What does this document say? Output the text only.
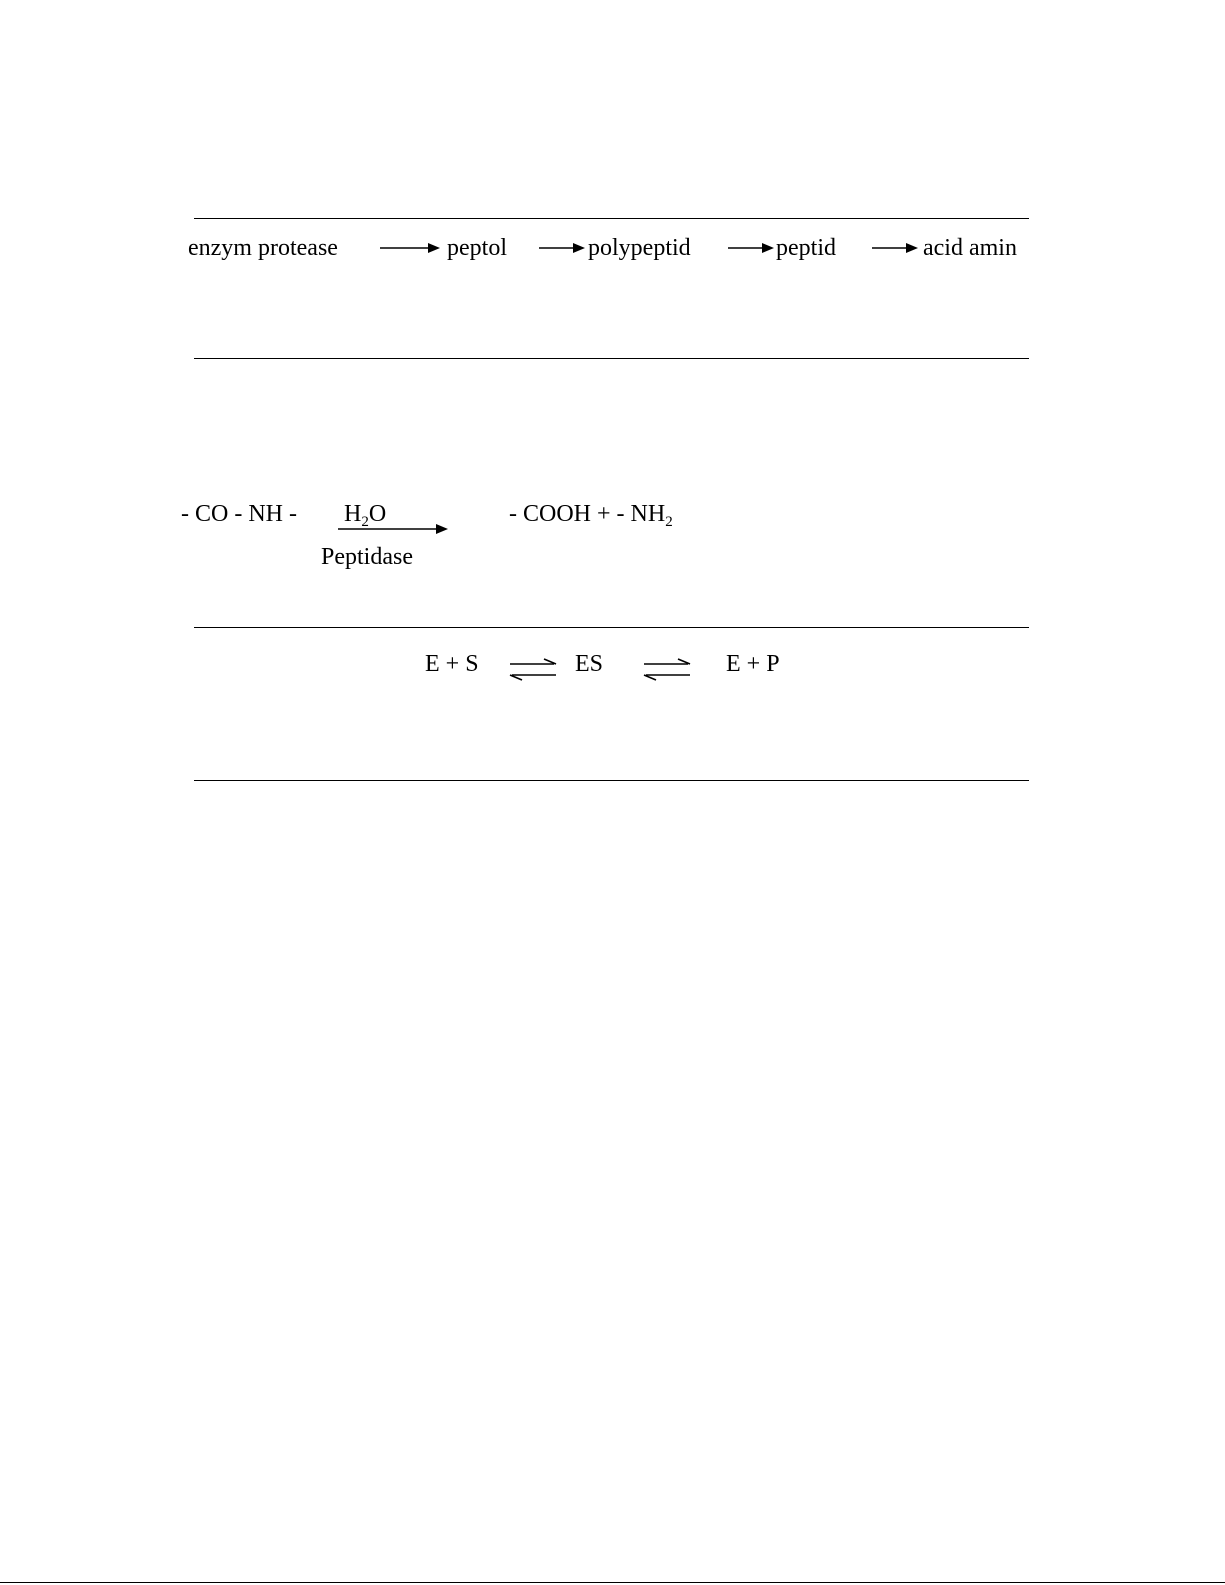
enzym protease	peptol	polypeptid	peptid	acid amin
- CO - NH - $H_2O$
Peptidase
- COOH + - $NH_2$
E + S ⇌ ES	E + P
